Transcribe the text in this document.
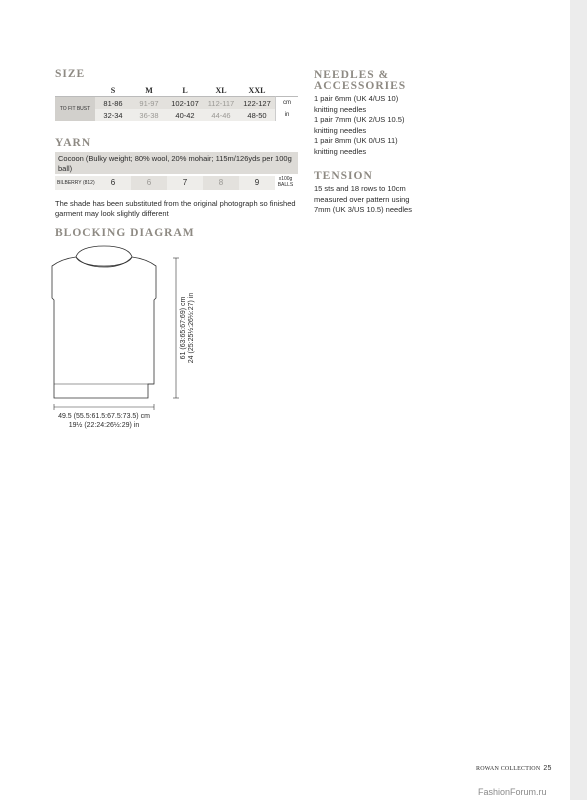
SIZE
	S	M	L	XL	XXL	
TO FIT BUST	81-86	91-97	102-107	112-117	122-127	cm
	32-34	36-38	40-42	44-46	48-50	in
YARN
Cocoon (Bulky weight; 80% wool, 20% mohair; 115m/126yds per 100g ball)
BILBERRY (812)	6	6	7	8	9	x100g BALLS
The shade has been substituted from the original photograph so finished garment may look slightly different
BLOCKING DIAGRAM
49.5 (55.5:61.5:67.5:73.5) cm
19½ (22:24:26½:29) in
61 (63:65:67:69) cm 24 (25:25½:26½:27) in
NEEDLES &
ACCESSORIES
1 pair 6mm (UK 4/US 10)
knitting needles
1 pair 7mm (UK 2/US 10.5)
knitting needles
1 pair 8mm (UK 0/US 11)
knitting needles
TENSION
15 sts and 18 rows to 10cm
measured over pattern using
7mm (UK 3/US 10.5) needles
ROWAN COLLECTION 25
FashionForum.ru
